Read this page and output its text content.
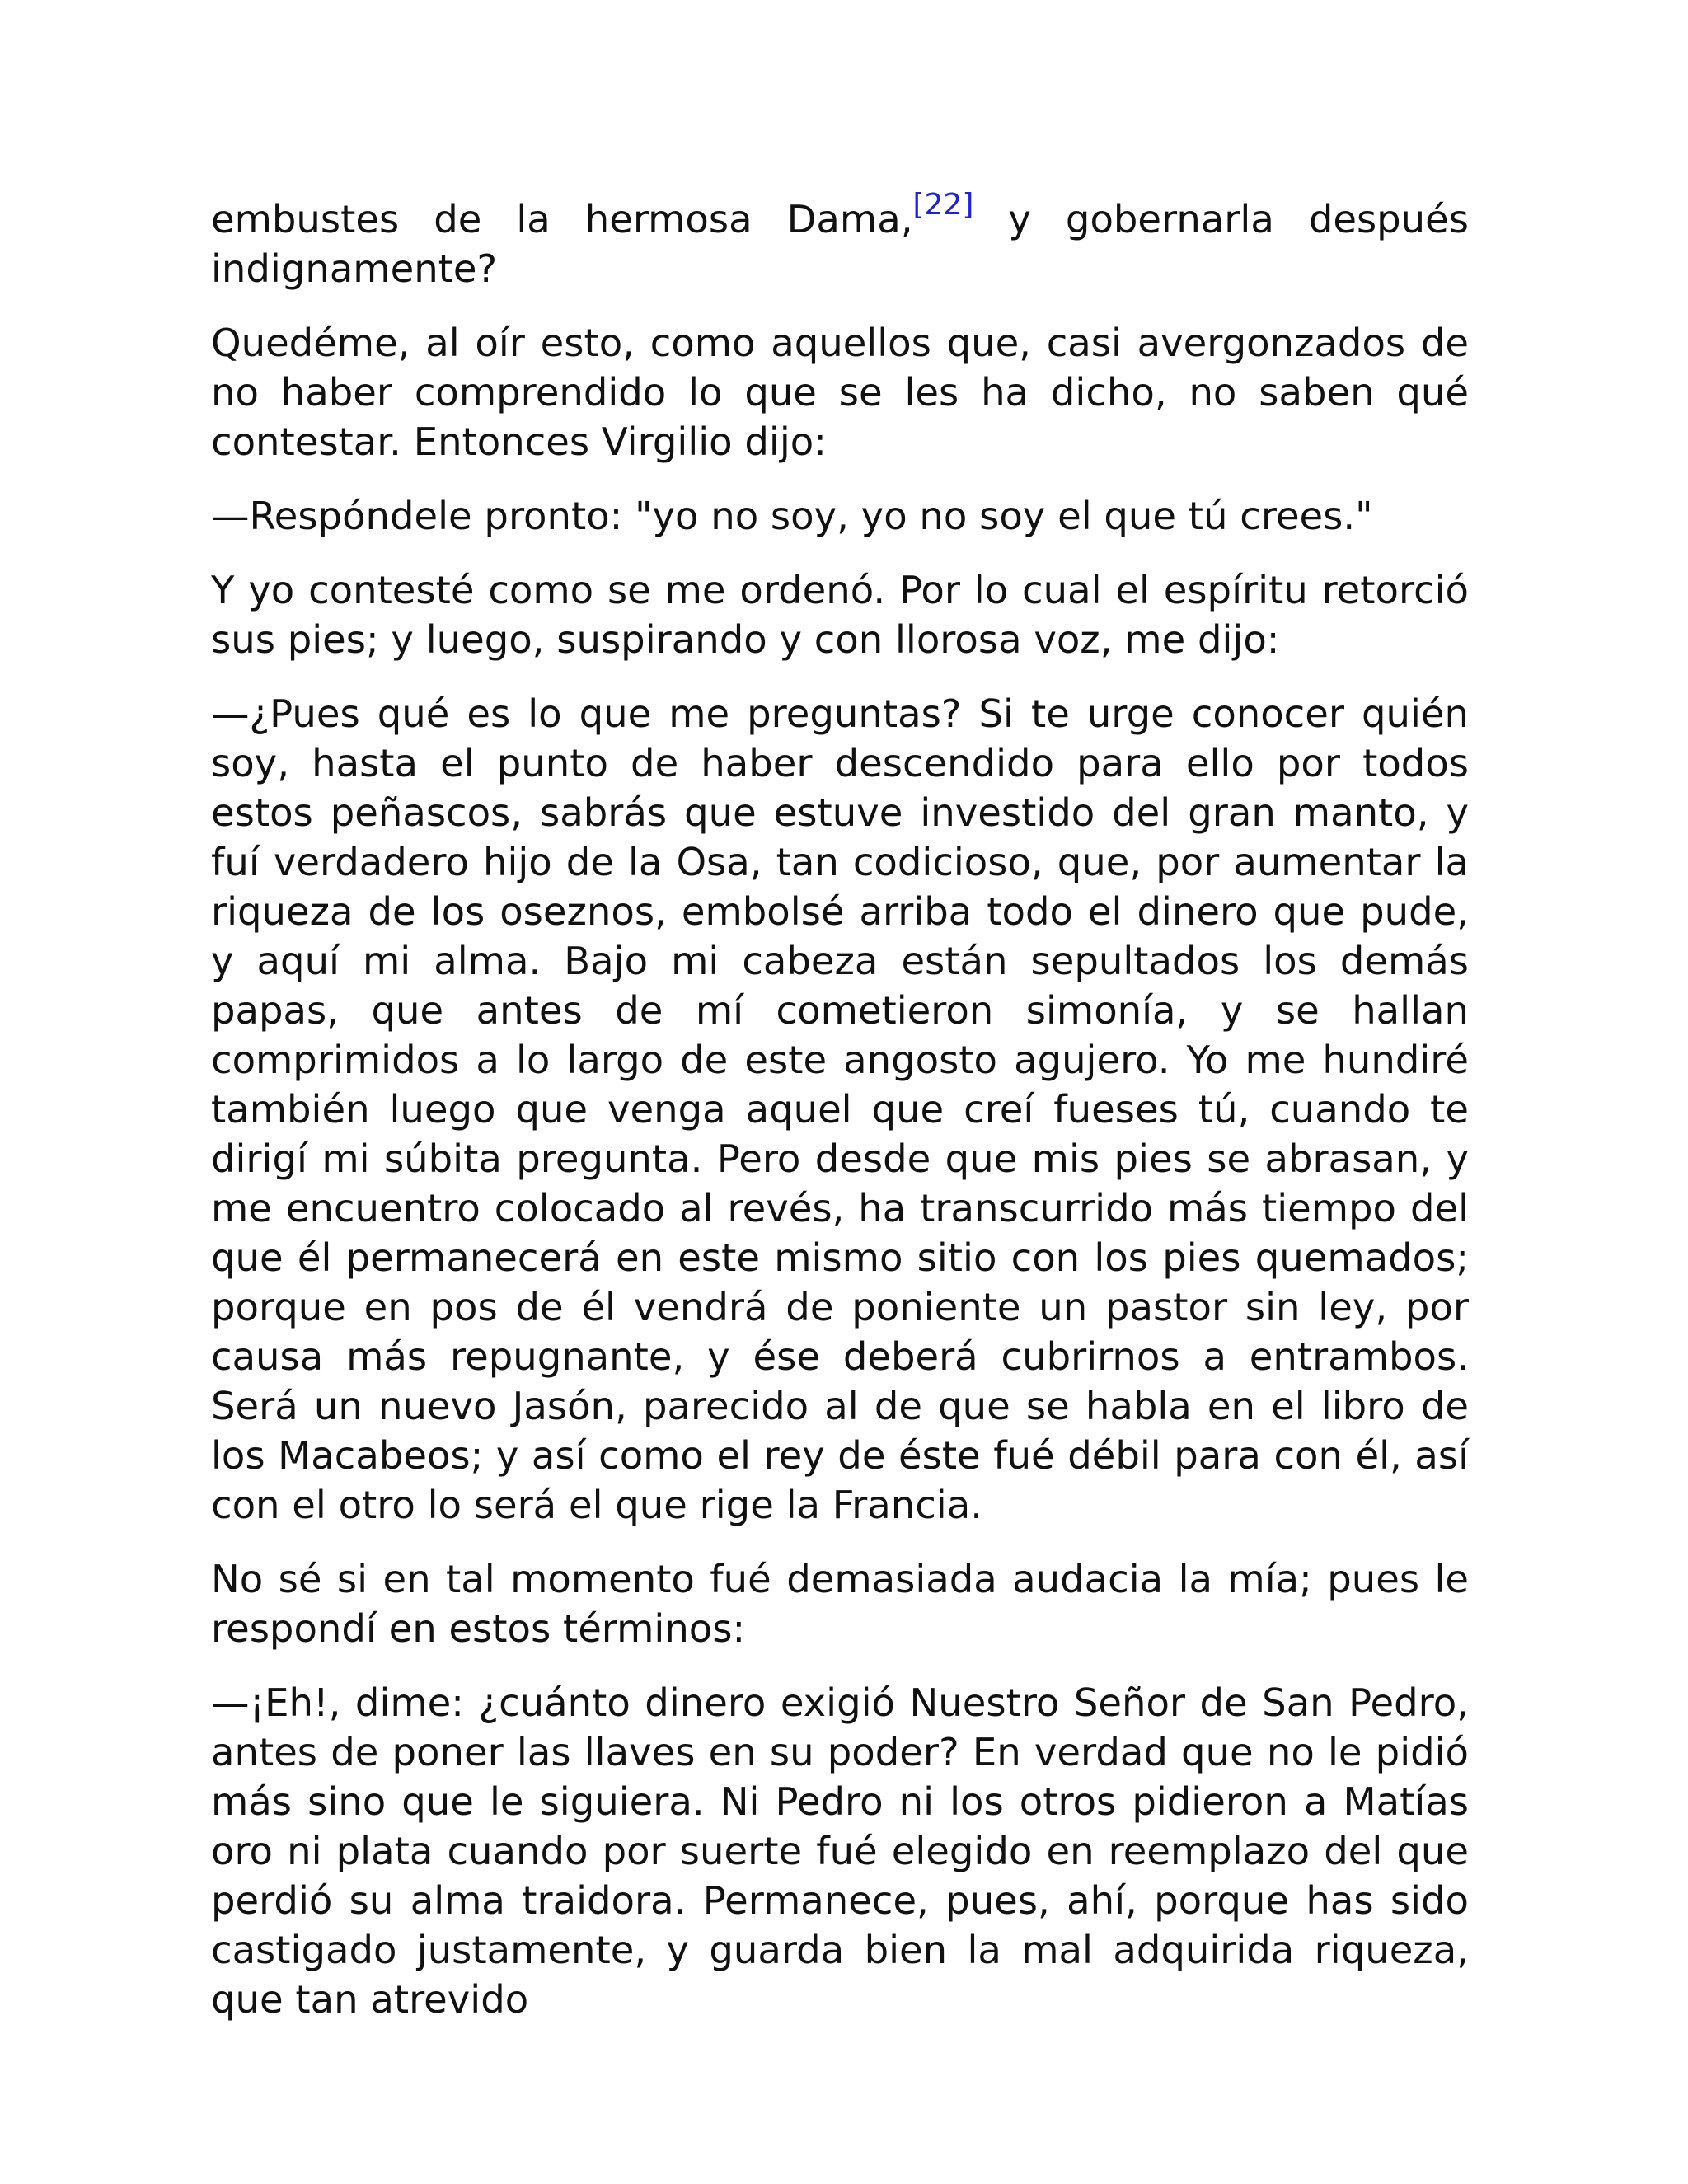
embustes de la hermosa Dama,[22] y gobernarla después indignamente?

Quedéme, al oír esto, como aquellos que, casi avergonzados de no haber comprendido lo que se les ha dicho, no saben qué contestar. Entonces Virgilio dijo:

—Respóndele pronto: "yo no soy, yo no soy el que tú crees."

Y yo contesté como se me ordenó. Por lo cual el espíritu retorció sus pies; y luego, suspirando y con llorosa voz, me dijo:

—¿Pues qué es lo que me preguntas? Si te urge conocer quién soy, hasta el punto de haber descendido para ello por todos estos peñascos, sabrás que estuve investido del gran manto, y fuí verdadero hijo de la Osa, tan codicioso, que, por aumentar la riqueza de los oseznos, embolsé arriba todo el dinero que pude, y aquí mi alma. Bajo mi cabeza están sepultados los demás papas, que antes de mí cometieron simonía, y se hallan comprimidos a lo largo de este angosto agujero. Yo me hundiré también luego que venga aquel que creí fueses tú, cuando te dirigí mi súbita pregunta. Pero desde que mis pies se abrasan, y me encuentro colocado al revés, ha transcurrido más tiempo del que él permanecerá en este mismo sitio con los pies quemados; porque en pos de él vendrá de poniente un pastor sin ley, por causa más repugnante, y ése deberá cubrirnos a entrambos. Será un nuevo Jasón, parecido al de que se habla en el libro de los Macabeos; y así como el rey de éste fué débil para con él, así con el otro lo será el que rige la Francia.

No sé si en tal momento fué demasiada audacia la mía; pues le respondí en estos términos:

—¡Eh!, dime: ¿cuánto dinero exigió Nuestro Señor de San Pedro, antes de poner las llaves en su poder? En verdad que no le pidió más sino que le siguiera. Ni Pedro ni los otros pidieron a Matías oro ni plata cuando por suerte fué elegido en reemplazo del que perdió su alma traidora. Permanece, pues, ahí, porque has sido castigado justamente, y guarda bien la mal adquirida riqueza, que tan atrevido
